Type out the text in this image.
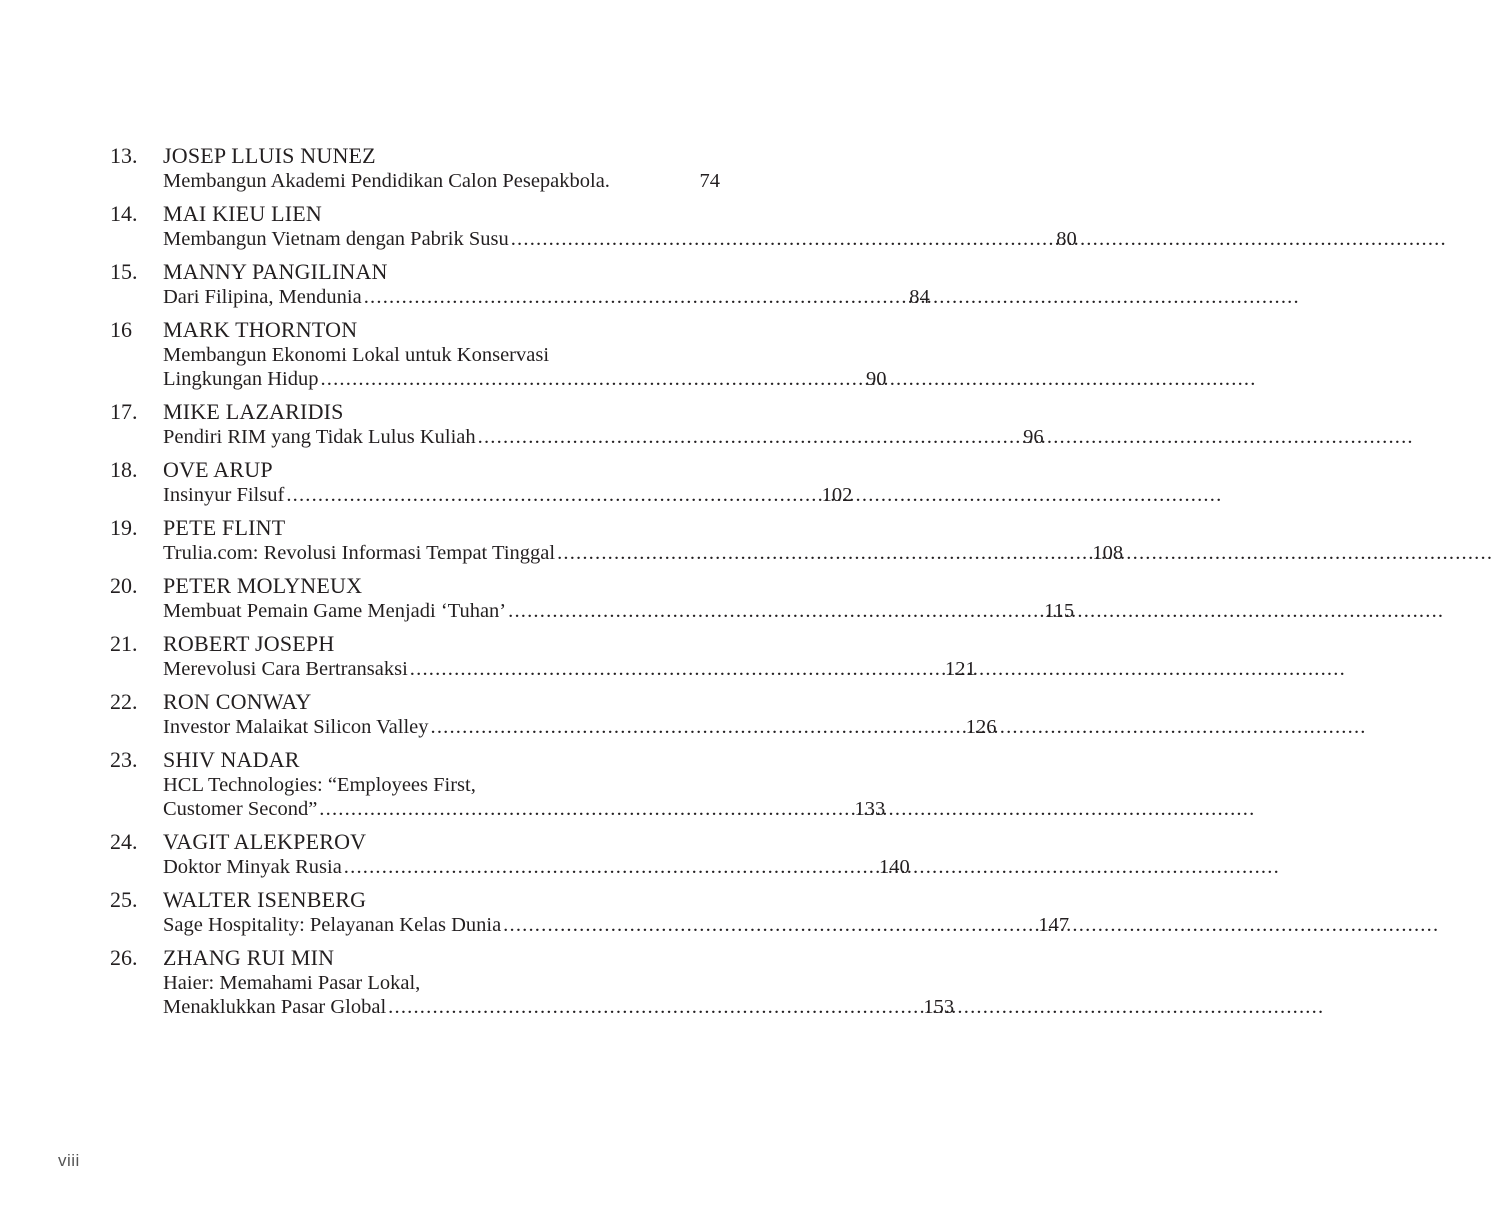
13.	JOSEP LLUIS NUNEZ
Membangun Akademi Pendidikan Calon Pesepakbola.	74
14.	MAI KIEU LIEN
Membangun Vietnam dengan Pabrik Susu .....	80
15.	MANNY PANGILINAN
Dari Filipina, Mendunia .....	84
16	MARK THORNTON
Membangun Ekonomi Lokal untuk Konservasi
Lingkungan Hidup .....	90
17.	MIKE LAZARIDIS
Pendiri RIM yang Tidak Lulus Kuliah .....	96
18.	OVE ARUP
Insinyur Filsuf .....	102
19.	PETE FLINT
Trulia.com: Revolusi Informasi Tempat Tinggal .....	108
20.	PETER MOLYNEUX
Membuat Pemain Game Menjadi ‘Tuhan’ .....	115
21.	ROBERT JOSEPH
Merevolusi Cara Bertransaksi .....	121
22.	RON CONWAY
Investor Malaikat Silicon Valley .....	126
23.	SHIV NADAR
HCL Technologies: “Employees First,
Customer Second” .....	133
24.	VAGIT ALEKPEROV
Doktor Minyak Rusia .....	140
25.	WALTER ISENBERG
Sage Hospitality: Pelayanan Kelas Dunia .....	147
26.	ZHANG RUI MIN
Haier: Memahami Pasar Lokal,
Menaklukkan Pasar Global .....	153
viii
